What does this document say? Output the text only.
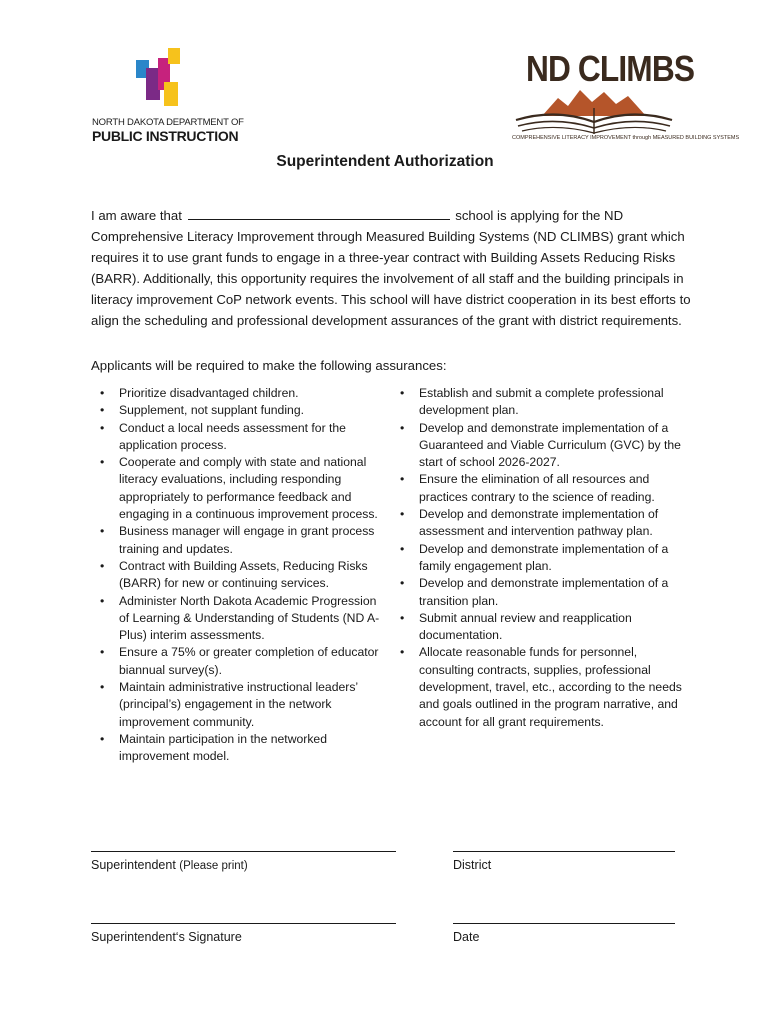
NORTH DAKOTA DEPARTMENT OF
PUBLIC INSTRUCTION
ND CLIMBS
COMPREHENSIVE LITERACY IMPROVEMENT through MEASURED BUILDING SYSTEMS
Superintendent Authorization
I am aware that	school is applying for the ND Comprehensive Literacy Improvement through Measured Building Systems (ND CLIMBS) grant which requires it to use grant funds to engage in a three-year contract with Building Assets Reducing Risks (BARR). Additionally, this opportunity requires the involvement of all staff and the building principals in literacy improvement CoP network events. This school will have district cooperation in its best efforts to align the scheduling and professional development assurances of the grant with district requirements.
Applicants will be required to make the following assurances:
• Prioritize disadvantaged children.
• Supplement, not supplant funding.
• Conduct a local needs assessment for the application process.
• Cooperate and comply with state and national literacy evaluations, including responding appropriately to performance feedback and engaging in a continuous improvement process.
• Business manager will engage in grant process training and updates.
• Contract with Building Assets, Reducing Risks (BARR) for new or continuing services.
• Administer North Dakota Academic Progression of Learning & Understanding of Students (ND A-Plus) interim assessments.
• Ensure a 75% or greater completion of educator biannual survey(s).
• Maintain administrative instructional leaders’ (principal’s) engagement in the network improvement community.
• Maintain participation in the networked improvement model.
• Establish and submit a complete professional development plan.
• Develop and demonstrate implementation of a Guaranteed and Viable Curriculum (GVC) by the start of school 2026-2027.
• Ensure the elimination of all resources and practices contrary to the science of reading.
• Develop and demonstrate implementation of assessment and intervention pathway plan.
• Develop and demonstrate implementation of a family engagement plan.
• Develop and demonstrate implementation of a transition plan.
• Submit annual review and reapplication documentation.
• Allocate reasonable funds for personnel, consulting contracts, supplies, professional development, travel, etc., according to the needs and goals outlined in the program narrative, and account for all grant requirements.
Superintendent (Please print)	District
Superintendent‘s Signature	Date
